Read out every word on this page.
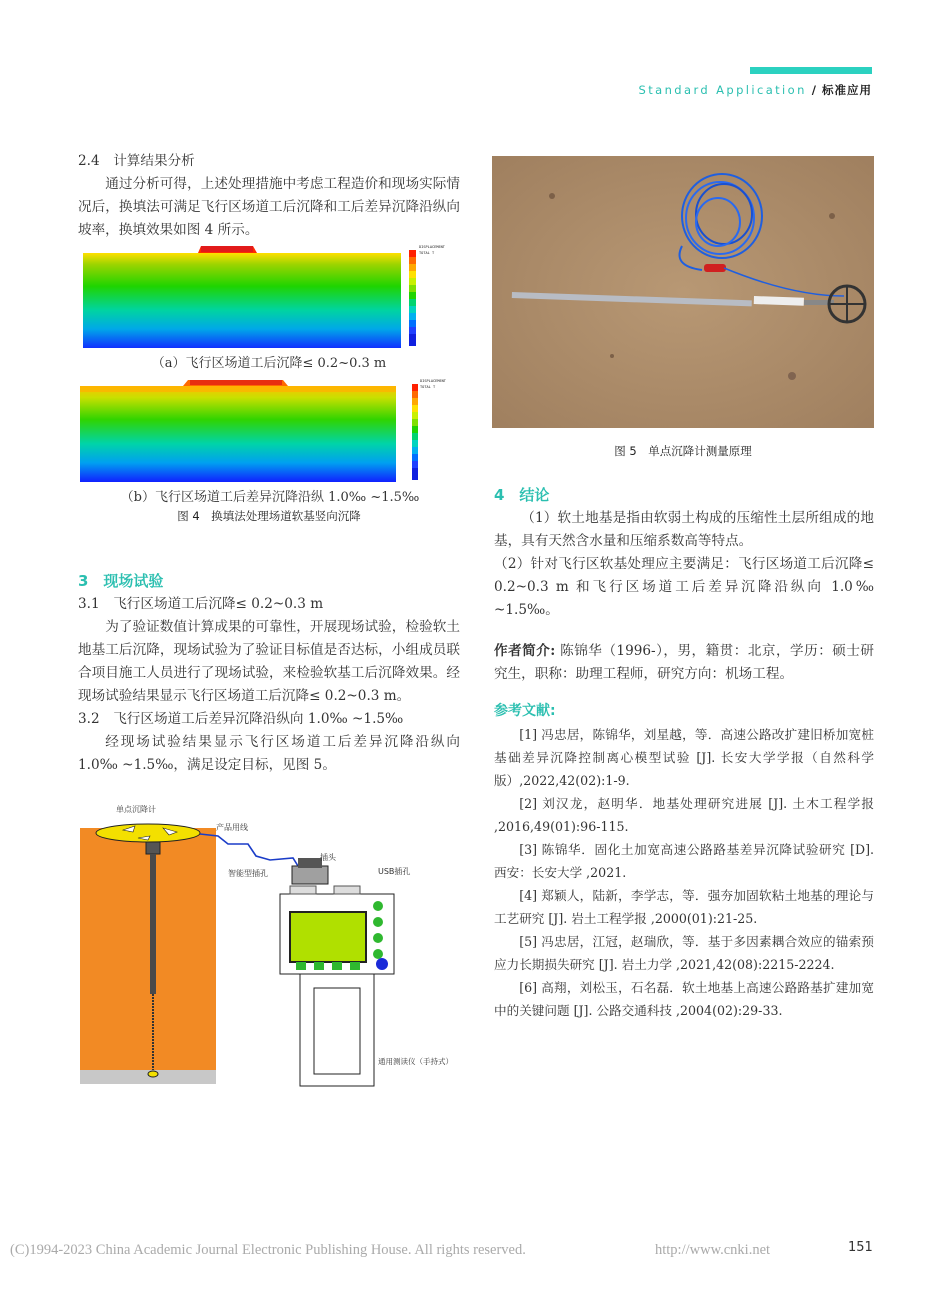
Standard Application / 标准应用

2.4　计算结果分析

通过分析可得，上述处理措施中考虑工程造价和现场实际情况后，换填法可满足飞行区场道工后沉降和工后差异沉降沿纵向坡率，换填效果如图 4 所示。

DISPLACEMENT
TOTAL T
（a）飞行区场道工后沉降≤ 0.2~0.3 m
DISPLACEMENT
TOTAL T
（b）飞行区场道工后差异沉降沿纵 1.0‰ ~1.5‰
图 4　换填法处理场道软基竖向沉降

3　现场试验

3.1　飞行区场道工后沉降≤ 0.2~0.3 m

为了验证数值计算成果的可靠性，开展现场试验，检验软土地基工后沉降，现场试验为了验证目标值是否达标，小组成员联合项目施工人员进行了现场试验，来检验软基工后沉降效果。经现场试验结果显示飞行区场道工后沉降≤ 0.2~0.3 m。

3.2　飞行区场道工后差异沉降沿纵向 1.0‰ ~1.5‰

经现场试验结果显示飞行区场道工后差异沉降沿纵向 1.0‰ ~1.5‰，满足设定目标，见图 5。

单点沉降计
产品用线
插头
智能型插孔	USB插孔
通用测读仪（手持式）
图 5　单点沉降计测量原理

4　结论

（1）软土地基是指由软弱土构成的压缩性土层所组成的地基，具有天然含水量和压缩系数高等特点。

（2）针对飞行区软基处理应主要满足：飞行区场道工后沉降≤ 0.2~0.3 m 和飞行区场道工后差异沉降沿纵向 1.0‰ ~1.5‰。

作者简介: 陈锦华（1996-），男，籍贯：北京，学历：硕士研究生，职称：助理工程师，研究方向：机场工程。

参考文献:

[1] 冯忠居，陈锦华，刘星越，等．高速公路改扩建旧桥加宽桩基础差异沉降控制离心模型试验 [J]. 长安大学学报（自然科学版）,2022,42(02):1-9.

[2] 刘汉龙，赵明华．地基处理研究进展 [J]. 土木工程学报 ,2016,49(01):96-115.

[3] 陈锦华．固化土加宽高速公路路基差异沉降试验研究 [D]. 西安：长安大学 ,2021.

[4] 郑颖人，陆新，李学志，等．强夯加固软粘土地基的理论与工艺研究 [J]. 岩土工程学报 ,2000(01):21-25.

[5] 冯忠居，江冠，赵瑞欣，等．基于多因素耦合效应的锚索预应力长期损失研究 [J]. 岩土力学 ,2021,42(08):2215-2224.

[6] 高翔，刘松玉，石名磊．软土地基上高速公路路基扩建加宽中的关键问题 [J]. 公路交通科技 ,2004(02):29-33.

(C)1994-2023 China Academic Journal Electronic Publishing House. All rights reserved.	http://www.cnki.net	151
